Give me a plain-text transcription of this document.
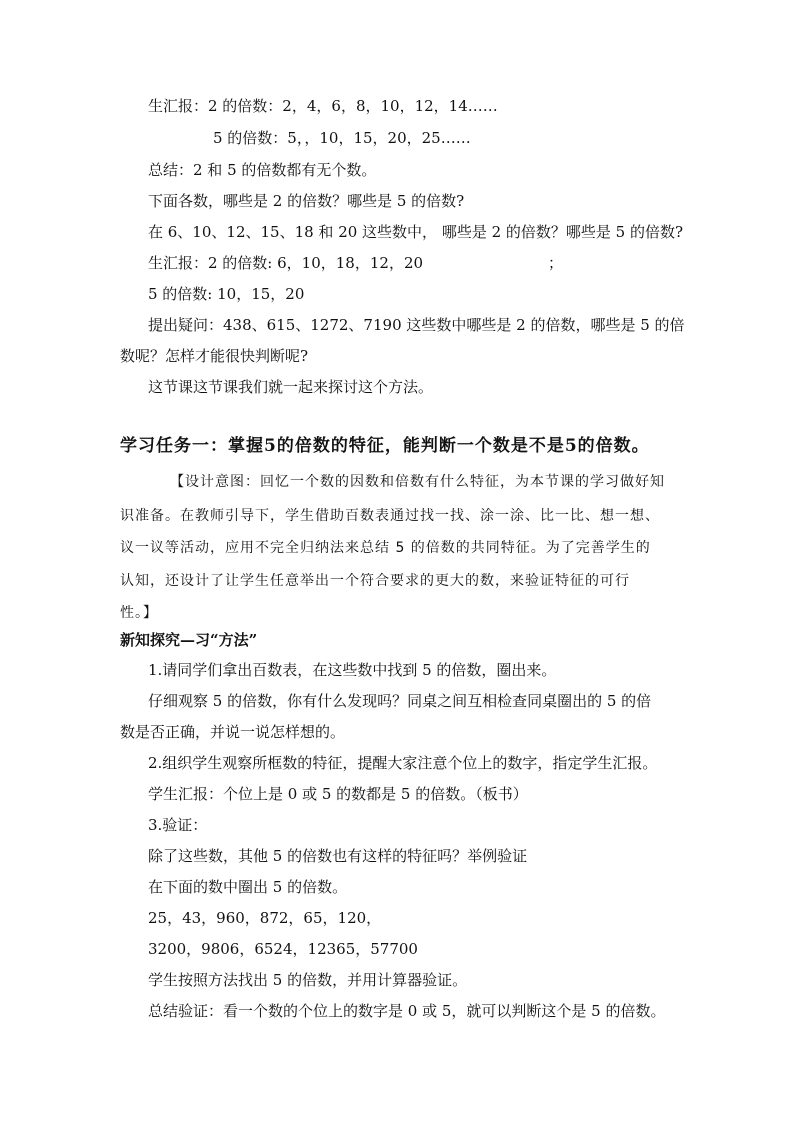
生汇报：2 的倍数：2，4，6，8，10，12，14……
5 的倍数：5，，10，15，20，25……
总结：2 和 5 的倍数都有无个数。
下面各数，哪些是 2 的倍数？哪些是 5 的倍数?
在 6、10、12、15、18 和 20 这些数中， 哪些是 2 的倍数？哪些是 5 的倍数?
生汇报：2 的倍数: 6，10，18，12，20	；
5 的倍数: 10，15，20
提出疑问：438、615、1272、7190 这些数中哪些是 2 的倍数，哪些是 5 的倍
数呢？怎样才能很快判断呢?
这节课这节课我们就一起来探讨这个方法。
学习任务一：掌握5的倍数的特征，能判断一个数是不是5的倍数。
【设计意图：回忆一个数的因数和倍数有什么特征，为本节课的学习做好知
识准备。在教师引导下，学生借助百数表通过找一找、涂一涂、比一比、想一想、
议一议等活动，应用不完全归纳法来总结 5 的倍数的共同特征。为了完善学生的
认知，还设计了让学生任意举出一个符合要求的更大的数，来验证特征的可行
性。】
新知探究—习“方法”
1.请同学们拿出百数表，在这些数中找到 5 的倍数，圈出来。
仔细观察 5 的倍数，你有什么发现吗？同桌之间互相检查同桌圈出的 5 的倍
数是否正确，并说一说怎样想的。
2.组织学生观察所框数的特征，提醒大家注意个位上的数字，指定学生汇报。
学生汇报：个位上是 0 或 5 的数都是 5 的倍数。（板书）
3.验证：
除了这些数，其他 5 的倍数也有这样的特征吗？举例验证
在下面的数中圈出 5 的倍数。
25，43，960，872，65，120，
3200，9806，6524，12365，57700
学生按照方法找出 5 的倍数，并用计算器验证。
总结验证：看一个数的个位上的数字是 0 或 5，就可以判断这个是 5 的倍数。
